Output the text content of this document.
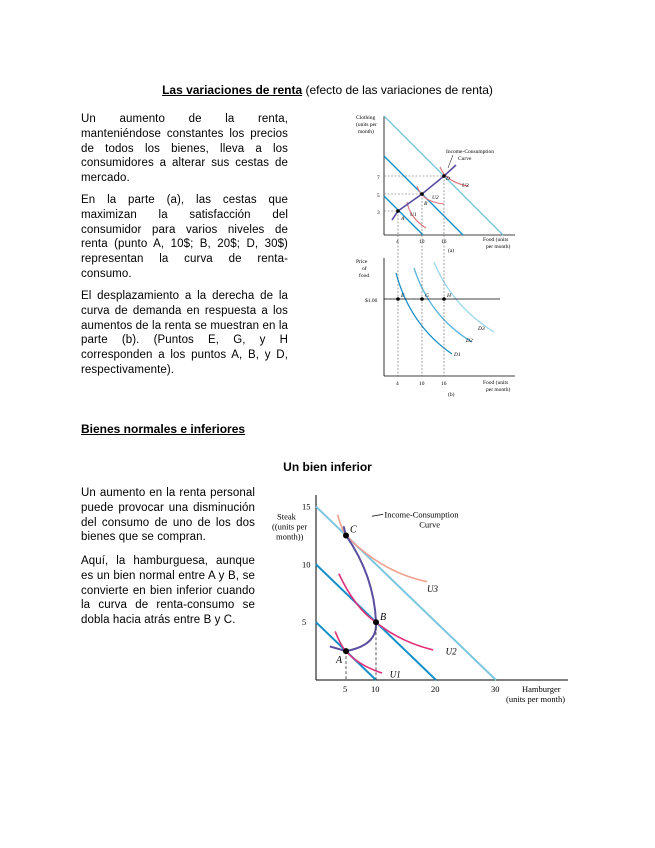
Las variaciones de renta (efecto de las variaciones de renta)
Un aumento de la renta, manteniéndose constantes los precios de todos los bienes, lleva a los consumidores a alterar sus cestas de mercado.
En la parte (a), las cestas que maximizan la satisfacción del consumidor para varios niveles de renta (punto A, 10$; B, 20$; D, 30$) representan la curva de renta-consumo.
El desplazamiento a la derecha de la curva de demanda en respuesta a los aumentos de la renta se muestran en la parte (b). (Puntos E, G, y H corresponden a los puntos A, B, y D, respectivamente).
Clothing
(units per
month)
A
B
D
U1
U2
U3
Income-Consumption
Curve
7
5
3
4	10	16	Food (units
per month)
(a)
Price
of
food
$1.00
E	G	H
D3
D2
D1
4	10	16	Food (units
per month)
(b)
Bienes normales e inferiores
Un bien inferior
Un aumento en la renta personal puede provocar una disminución del consumo de uno de los dos bienes que se compran.
Aquí, la hamburguesa, aunque es un bien normal entre A y B, se convierte en bien inferior cuando la curva de renta-consumo se dobla hacia atrás entre B y C.
A
B
C
U1
U2
U3
Income-Consumption
Curve
15
10
5
5	10	20	30
Steak
((units per
month))
Hamburger
(units per month)
